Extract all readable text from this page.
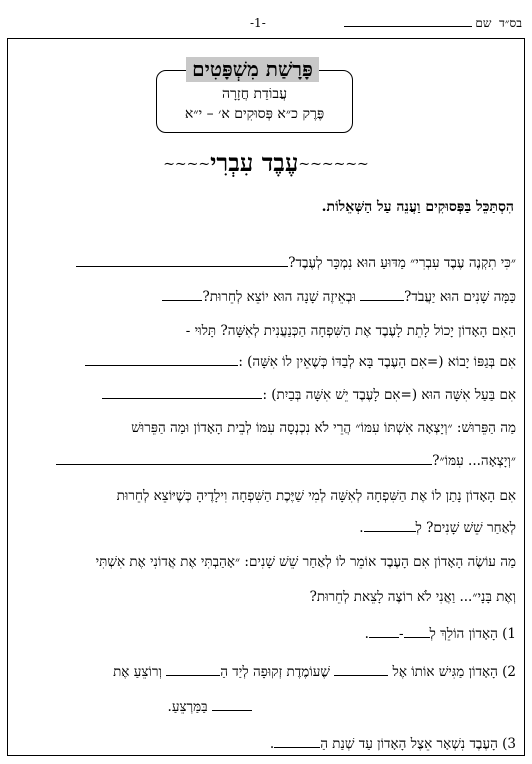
בס״ד  שם
-1-
עֲבוֹדַת חֲזָרָה
פֶּרֶק כ״א פְּסוּקִים א׳ – י״א
פָּרָשַׁת מִשְׁפָּטִים
~~~~עֶבֶד עִבְרִי~~~~~~
הִסְתַּכֵּל בַּפְּסוּקִים וַעֲנֵה עַל הַשְּׁאֵלוֹת.
״כִּי תִקְנֶה עֶבֶד עִבְרִי״ מַדּוּעַ הוּא נִמְכָּר לְעֶבֶד?
כַּמָּה שָׁנִים הוּא יַעֲבֹד? וּבְאֵיזֶה שָׁנָה הוּא יוֹצֵא לְחֵרוּת?
הַאִם הָאָדוֹן יָכוֹל לָתֵת לָעֶבֶד אֶת הַשִּׁפְחָה הַכְּנַעֲנִית לְאִשָּׁה? תָּלוּי -
אִם בְּגַפּוֹ יָבוֹא (=אִם הָעֶבֶד בָּא לְבַדּוֹ כְּשֶׁאֵין לוֹ אִשָּׁה) :
אִם בַּעַל אִשָּׁה הוּא (=אִם לָעֶבֶד יֵשׁ אִשָּׁה בְּבַיִת) :
מַה הַפֵּרוּשׁ: ״וְיָצְאָה אִשְׁתּוֹ עִמּוֹ״ הֲרֵי לֹא נִכְנְסָה עִמּוֹ לְבֵית הָאָדוֹן וּמַה הַפֵּרוּשׁ
״וְיָצְאָה... עִמּוֹ״?
אִם הָאָדוֹן נָתַן לוֹ אֶת הַשִּׁפְחָה לְאִשָּׁה לְמִי שַׁיֶּכֶת הַשִּׁפְחָה וִילָדֶיהָ כְּשֶׁיּוֹצֵא לְחֵרוּת
לְאַחַר שֵׁשׁ שָׁנִים? לְ.
מַה עוֹשֶׂה הָאָדוֹן אִם הָעֶבֶד אוֹמֵר לוֹ לְאַחַר שֵׁשׁ שָׁנִים: ״אָהַבְתִּי אֶת אֲדוֹנִי אֶת אִשְׁתִּי
וְאֶת בָּנָי״... וַאֲנִי לֹא רוֹצֶה לָצֵאת לְחֵרוּת?
1) הָאָדוֹן הוֹלֵךְ לְ-.
2) הָאָדוֹן מַגִּישׁ אוֹתוֹ אֶל  שֶׁעוֹמֶדֶת זְקוּפָה לְיַד הַ וְרוֹצֵעַ אֶת
בַּמַּרְצֵעַ.
3) הָעֶבֶד נִשְׁאָר אֵצֶל הָאָדוֹן עַד שְׁנַת הַ.
